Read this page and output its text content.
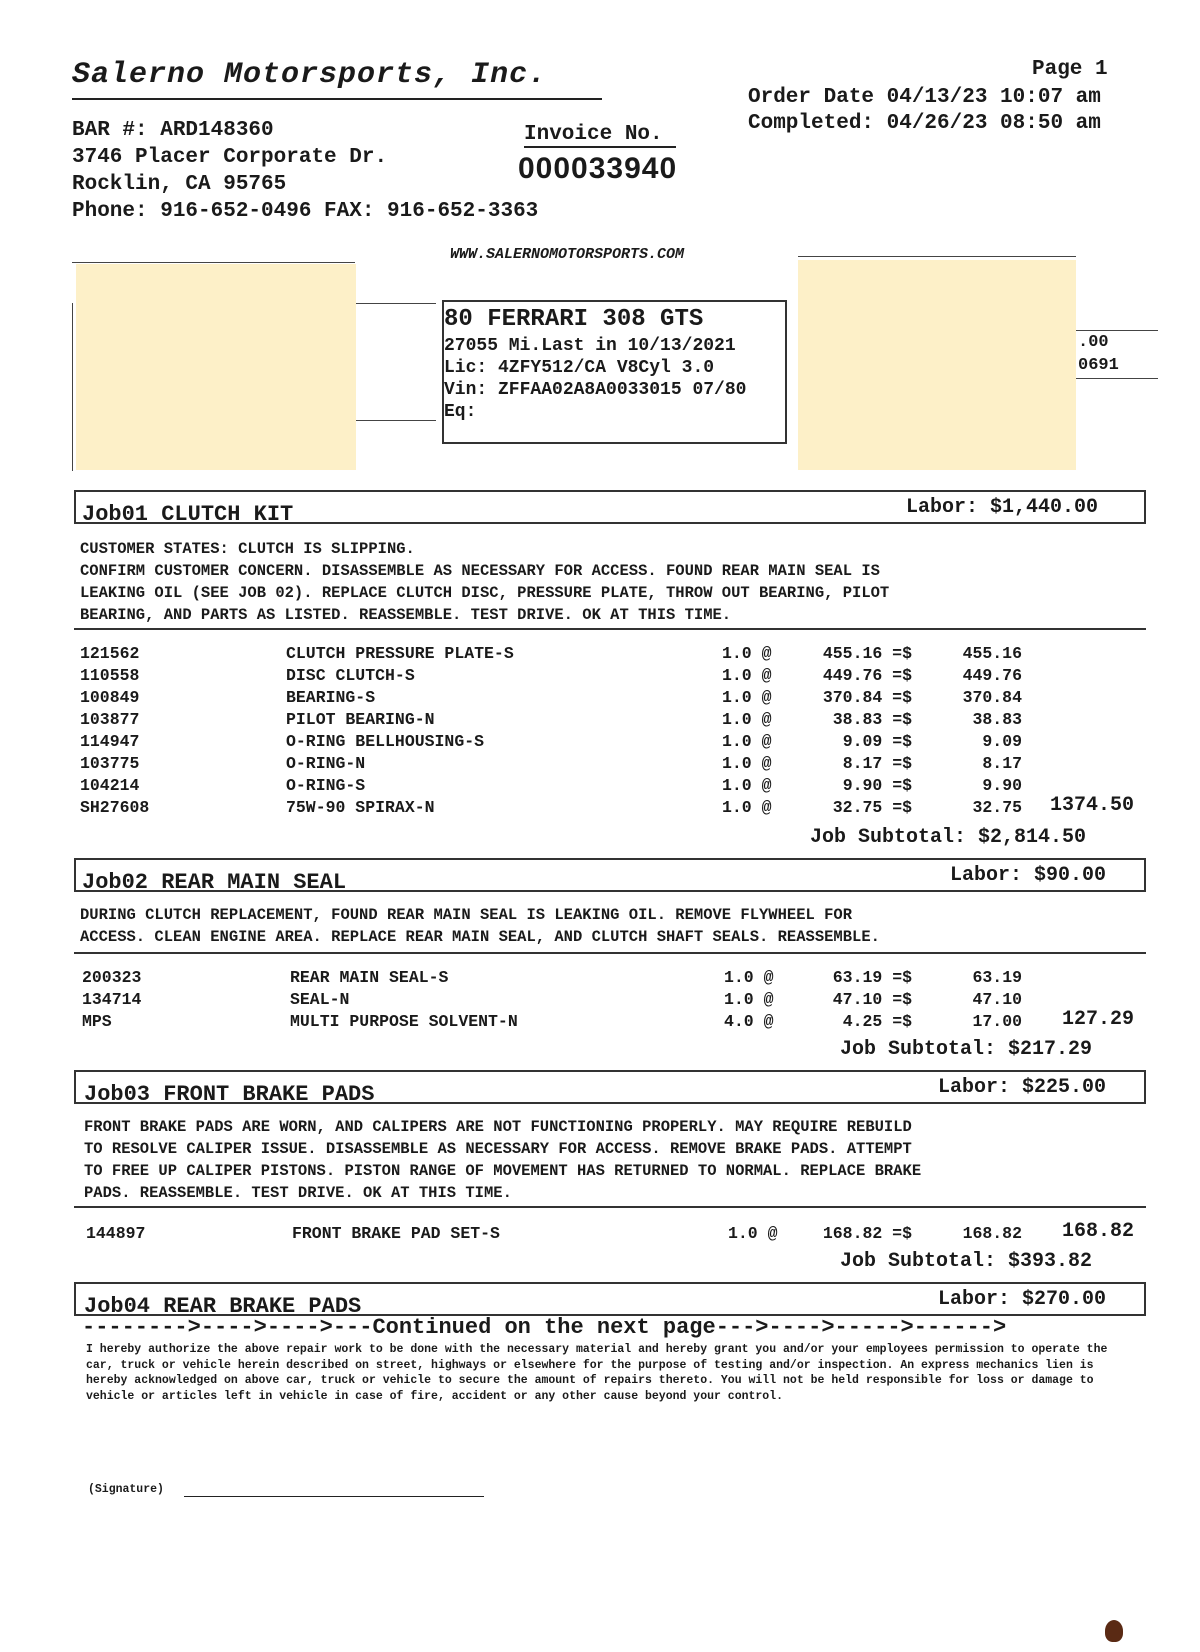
Salerno Motorsports, Inc.	Page 1
Order Date 04/13/23 10:07 am
Completed: 04/26/23 08:50 am
BAR #: ARD148360
3746 Placer Corporate Dr.
Rocklin, CA 95765
Phone: 916-652-0496 FAX: 916-652-3363
Invoice No.
000033940
WWW.SALERNOMOTORSPORTS.COM
80 FERRARI 308 GTS
27055 Mi.Last in 10/13/2021
Lic: 4ZFY512/CA V8Cyl 3.0
Vin: ZFFAA02A8A0033015 07/80
Eq:
.00
0691
Job01 CLUTCH KIT	Labor: $1,440.00
CUSTOMER STATES: CLUTCH IS SLIPPING.
CONFIRM CUSTOMER CONCERN. DISASSEMBLE AS NECESSARY FOR ACCESS. FOUND REAR MAIN SEAL IS
LEAKING OIL (SEE JOB 02). REPLACE CLUTCH DISC, PRESSURE PLATE, THROW OUT BEARING, PILOT
BEARING, AND PARTS AS LISTED. REASSEMBLE. TEST DRIVE. OK AT THIS TIME.
121562	CLUTCH PRESSURE PLATE-S	1.0 @	455.16 =$	455.16
110558	DISC CLUTCH-S	1.0 @	449.76 =$	449.76
100849	BEARING-S	1.0 @	370.84 =$	370.84
103877	PILOT BEARING-N	1.0 @	38.83 =$	38.83
114947	O-RING BELLHOUSING-S	1.0 @	9.09 =$	9.09
103775	O-RING-N	1.0 @	8.17 =$	8.17
104214	O-RING-S	1.0 @	9.90 =$	9.90
SH27608	75W-90 SPIRAX-N	1.0 @	32.75 =$	32.75	1374.50
Job Subtotal: $2,814.50
Job02 REAR MAIN SEAL	Labor: $90.00
DURING CLUTCH REPLACEMENT, FOUND REAR MAIN SEAL IS LEAKING OIL. REMOVE FLYWHEEL FOR
ACCESS. CLEAN ENGINE AREA. REPLACE REAR MAIN SEAL, AND CLUTCH SHAFT SEALS. REASSEMBLE.
200323	REAR MAIN SEAL-S	1.0 @	63.19 =$	63.19
134714	SEAL-N	1.0 @	47.10 =$	47.10
MPS	MULTI PURPOSE SOLVENT-N	4.0 @	4.25 =$	17.00	127.29
Job Subtotal: $217.29
Job03 FRONT BRAKE PADS	Labor: $225.00
FRONT BRAKE PADS ARE WORN, AND CALIPERS ARE NOT FUNCTIONING PROPERLY. MAY REQUIRE REBUILD
TO RESOLVE CALIPER ISSUE. DISASSEMBLE AS NECESSARY FOR ACCESS. REMOVE BRAKE PADS. ATTEMPT
TO FREE UP CALIPER PISTONS. PISTON RANGE OF MOVEMENT HAS RETURNED TO NORMAL. REPLACE BRAKE
PADS. REASSEMBLE. TEST DRIVE. OK AT THIS TIME.
144897	FRONT BRAKE PAD SET-S	1.0 @	168.82 =$	168.82	168.82
Job Subtotal: $393.82
Job04 REAR BRAKE PADS	Labor: $270.00
-------->---->---->---Continued on the next page--->---->----->------>
I hereby authorize the above repair work to be done with the necessary material and hereby grant you and/or your employees permission to operate the car, truck or vehicle herein described on street, highways or elsewhere for the purpose of testing and/or inspection. An express mechanics lien is hereby acknowledged on above car, truck or vehicle to secure the amount of repairs thereto. You will not be held responsible for loss or damage to vehicle or articles left in vehicle in case of fire, accident or any other cause beyond your control.
(Signature)
